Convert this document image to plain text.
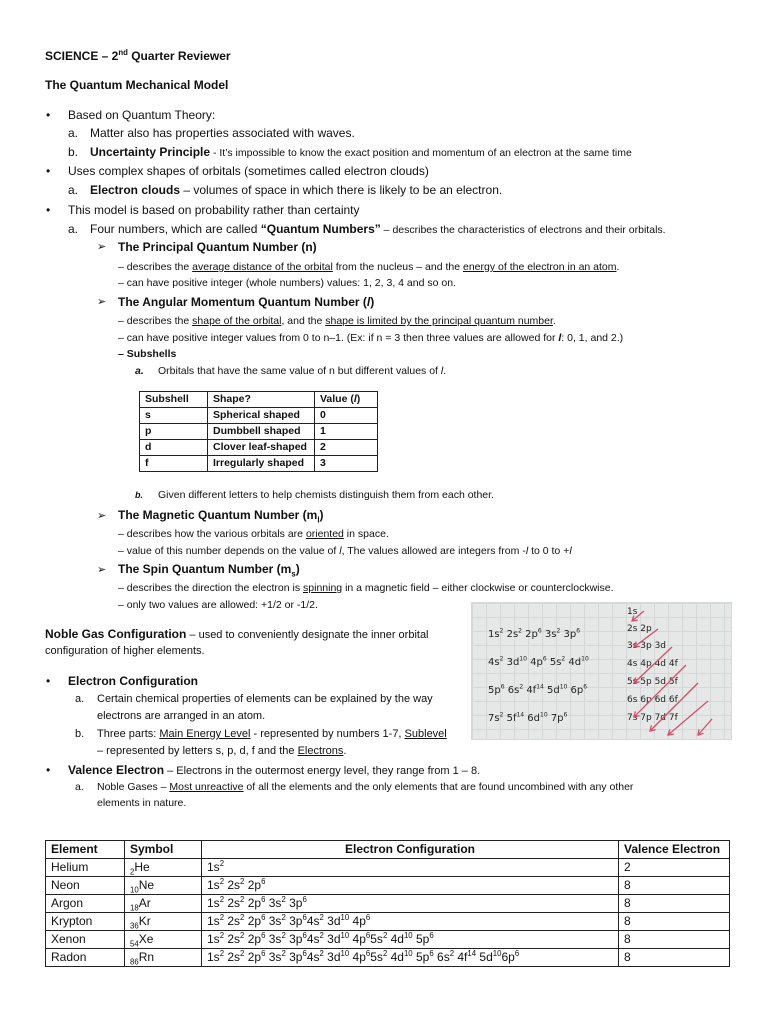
SCIENCE – 2nd Quarter Reviewer
The Quantum Mechanical Model
• Based on Quantum Theory:
a. Matter also has properties associated with waves.
b. Uncertainty Principle - It’s impossible to know the exact position and momentum of an electron at the same time
• Uses complex shapes of orbitals (sometimes called electron clouds)
a. Electron clouds – volumes of space in which there is likely to be an electron.
• This model is based on probability rather than certainty
a. Four numbers, which are called “Quantum Numbers” – describes the characteristics of electrons and their orbitals.
➢ The Principal Quantum Number (n)
– describes the average distance of the orbital from the nucleus – and the energy of the electron in an atom.
– can have positive integer (whole numbers) values: 1, 2, 3, 4 and so on.
➢ The Angular Momentum Quantum Number (l)
– describes the shape of the orbital, and the shape is limited by the principal quantum number.
– can have positive integer values from 0 to n–1. (Ex: if n = 3 then three values are allowed for l: 0, 1, and 2.)
– Subshells
a. Orbitals that have the same value of n but different values of l.
Subshell	Shape?	Value (l)
s	Spherical shaped	0
p	Dumbbell shaped	1
d	Clover leaf-shaped	2
f	Irregularly shaped	3
b. Given different letters to help chemists distinguish them from each other.
➢ The Magnetic Quantum Number $(m_l)$
– describes how the various orbitals are oriented in space.
– value of this number depends on the value of l, The values allowed are integers from -l to 0 to +l
➢ The Spin Quantum Number $(m_s)$
– describes the direction the electron is spinning in a magnetic field – either clockwise or counterclockwise.
– only two values are allowed: +1/2 or -1/2.
Noble Gas Configuration – used to conveniently designate the inner orbital
configuration of higher elements.
• Electron Configuration
a. Certain chemical properties of elements can be explained by the way
electrons are arranged in an atom.
b. Three parts: Main Energy Level - represented by numbers 1-7, Sublevel
– represented by letters s, p, d, f and the Electrons.
• Valence Electron – Electrons in the outermost energy level, they range from 1 – 8.
a. Noble Gases – Most unreactive of all the elements and the only elements that are found uncombined with any other
elements in nature.
$1s^2$ $2s^2$ $2p^6$ $3s^2$ $3p^6$
$4s^2$ $3d^{10}$ $4p^6$ $5s^2$ $4d^{10}$
$5p^6$ $6s^2$ $4f^{14}$ $5d^{10}$ $6p^6$
$7s^2$ $5f^{14}$ $6d^{10}$ $7p^6$
1s
2s 2p
3s 3p 3d
4s 4p 4d 4f
5s 5p 5d 5f
6s 6p 6d 6f
7s 7p 7d 7f
Element	Symbol	Electron Configuration	Valence Electron
Helium	$_2$He	$1s^2$	2
Neon	$_{10}$Ne	$1s^2$ $2s^2$ $2p^6$	8
Argon	$_{18}$Ar	$1s^2$ $2s^2$ $2p^6$ $3s^2$ $3p^6$	8
Krypton	$_{36}$Kr	$1s^2$ $2s^2$ $2p^6$ $3s^2$ $3p^64s^2$ $3d^{10}$ $4p^6$	8
Xenon	$_{54}$Xe	$1s^2$ $2s^2$ $2p^6$ $3s^2$ $3p^64s^2$ $3d^{10}$ $4p^65s^2$ $4d^{10}$ $5p^6$	8
Radon	$_{86}$Rn	$1s^2$ $2s^2$ $2p^6$ $3s^2$ $3p^64s^2$ $3d^{10}$ $4p^65s^2$ $4d^{10}$ $5p^6$ $6s^2$ $4f^{14}$ $5d^{10}6p^6$	8
